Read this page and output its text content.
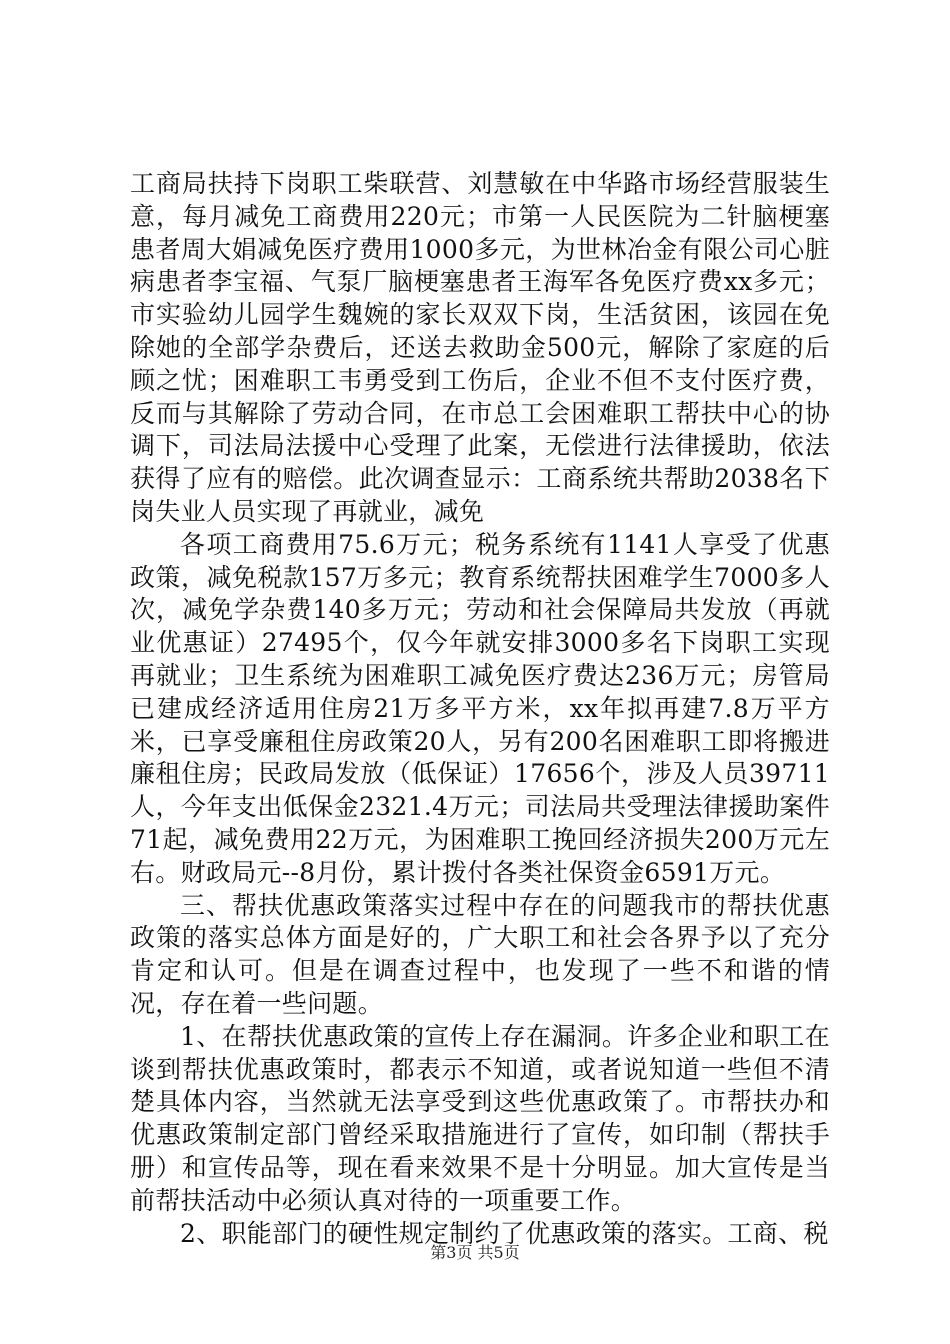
工商局扶持下岗职工柴联营、刘慧敏在中华路市场经营服装生意，每月减免工商费用220元；市第一人民医院为二针脑梗塞患者周大娟减免医疗费用1000多元，为世林冶金有限公司心脏病患者李宝福、气泵厂脑梗塞患者王海军各免医疗费xx多元；市实验幼儿园学生魏婉的家长双双下岗，生活贫困，该园在免除她的全部学杂费后，还送去救助金500元，解除了家庭的后顾之忧；困难职工韦勇受到工伤后，企业不但不支付医疗费，反而与其解除了劳动合同，在市总工会困难职工帮扶中心的协调下，司法局法援中心受理了此案，无偿进行法律援助，依法获得了应有的赔偿。此次调查显示：工商系统共帮助2038名下岗失业人员实现了再就业，减免

各项工商费用75.6万元；税务系统有1141人享受了优惠政策，减免税款157万多元；教育系统帮扶困难学生7000多人次，减免学杂费140多万元；劳动和社会保障局共发放（再就业优惠证）27495个，仅今年就安排3000多名下岗职工实现再就业；卫生系统为困难职工减免医疗费达236万元；房管局已建成经济适用住房21万多平方米，xx年拟再建7.8万平方米，已享受廉租住房政策20人，另有200名困难职工即将搬进廉租住房；民政局发放（低保证）17656个，涉及人员39711人，今年支出低保金2321.4万元；司法局共受理法律援助案件71起，减免费用22万元，为困难职工挽回经济损失200万元左右。财政局元--8月份，累计拨付各类社保资金6591万元。

三、帮扶优惠政策落实过程中存在的问题我市的帮扶优惠政策的落实总体方面是好的，广大职工和社会各界予以了充分肯定和认可。但是在调查过程中，也发现了一些不和谐的情况，存在着一些问题。

1、在帮扶优惠政策的宣传上存在漏洞。许多企业和职工在谈到帮扶优惠政策时，都表示不知道，或者说知道一些但不清楚具体内容，当然就无法享受到这些优惠政策了。市帮扶办和优惠政策制定部门曾经采取措施进行了宣传，如印制（帮扶手册）和宣传品等，现在看来效果不是十分明显。加大宣传是当前帮扶活动中必须认真对待的一项重要工作。

2、职能部门的硬性规定制约了优惠政策的落实。工商、税

第3页 共5页
